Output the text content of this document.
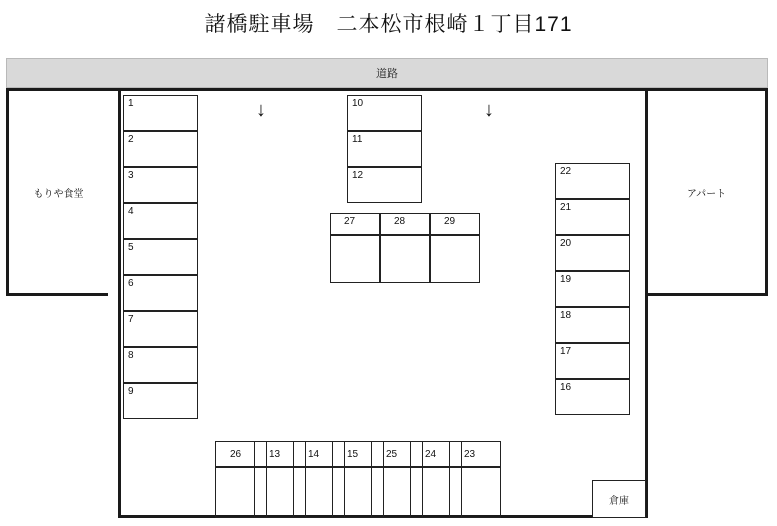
諸橋駐車場　二本松市根崎１丁目171
道路
もりや食堂	アパート
↓	↓
1
2
3
4
5
6
7
8
9
10
11
12
27	28	29
22
21
20
19
18
17
16
26	13	14	15	25	24	23
倉庫
